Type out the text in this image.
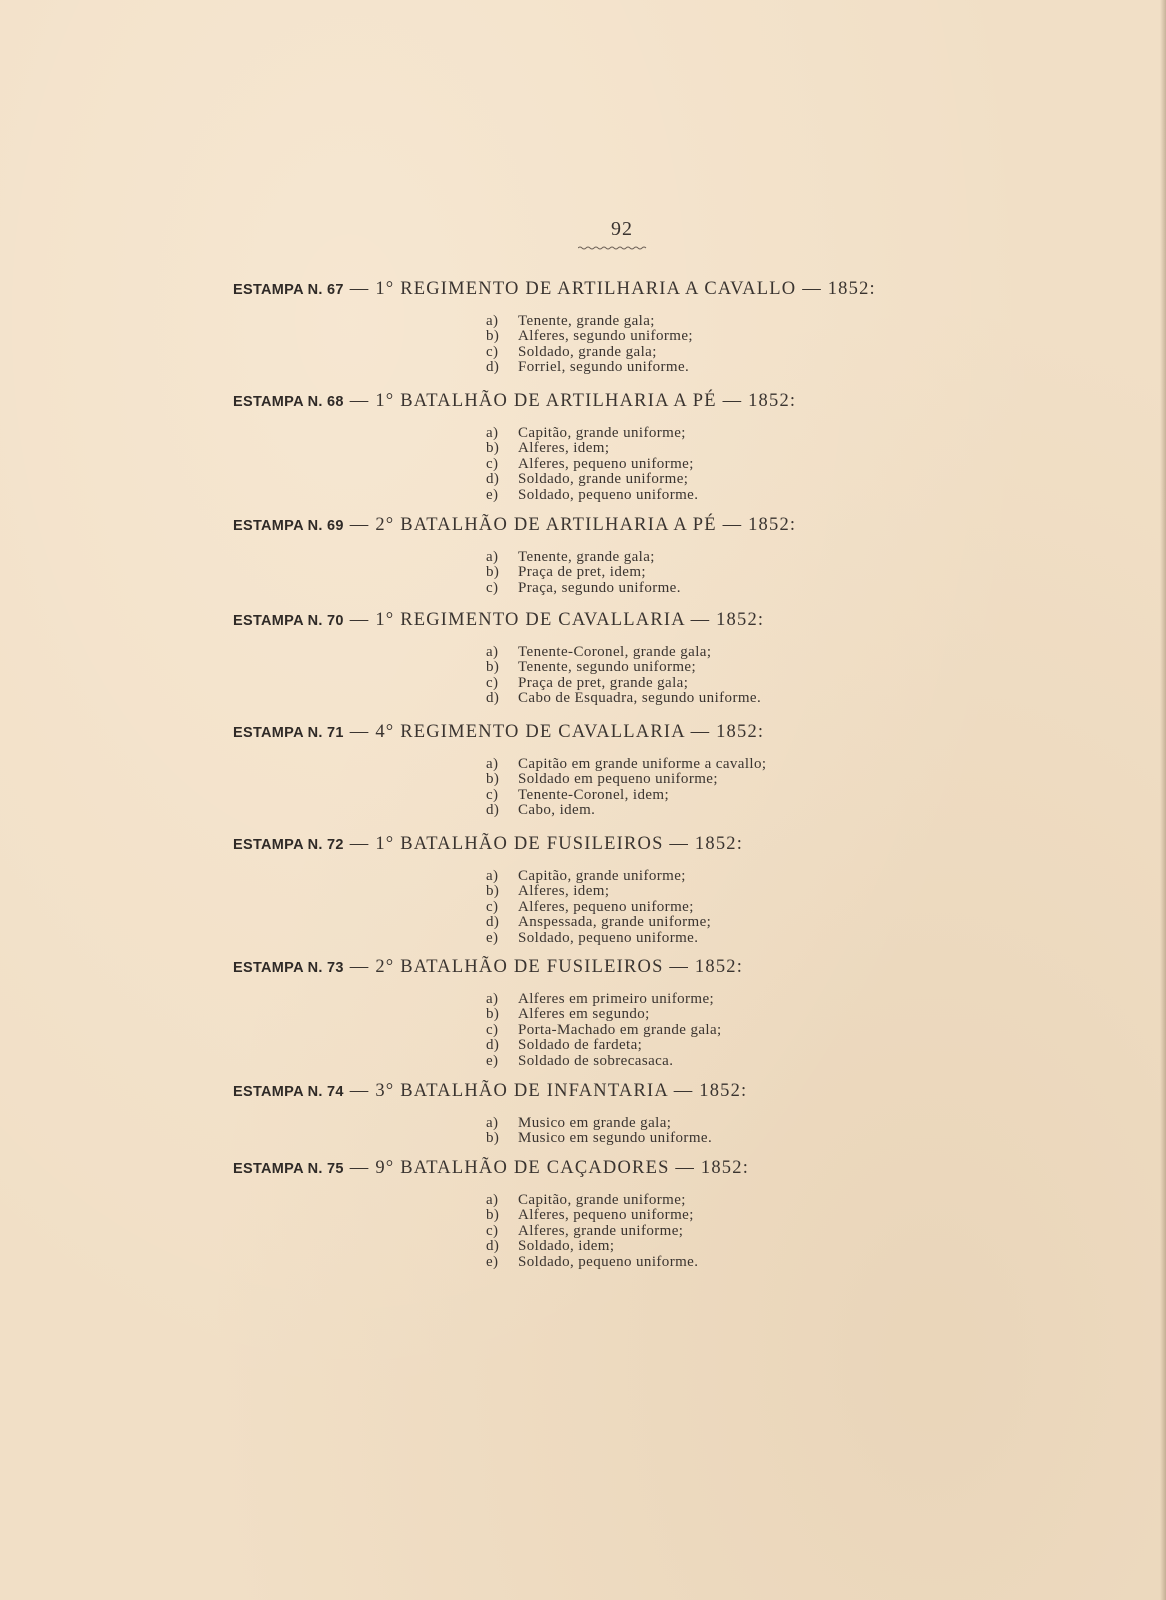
92
ESTAMPA N. 67 — 1° REGIMENTO DE ARTILHARIA A CAVALLO — 1852:
a) Tenente, grande gala;
b) Alferes, segundo uniforme;
c) Soldado, grande gala;
d) Forriel, segundo uniforme.
ESTAMPA N. 68 — 1° BATALHÃO DE ARTILHARIA A PÉ — 1852:
a) Capitão, grande uniforme;
b) Alferes, idem;
c) Alferes, pequeno uniforme;
d) Soldado, grande uniforme;
e) Soldado, pequeno uniforme.
ESTAMPA N. 69 — 2° BATALHÃO DE ARTILHARIA A PÉ — 1852:
a) Tenente, grande gala;
b) Praça de pret, idem;
c) Praça, segundo uniforme.
ESTAMPA N. 70 — 1° REGIMENTO DE CAVALLARIA — 1852:
a) Tenente-Coronel, grande gala;
b) Tenente, segundo uniforme;
c) Praça de pret, grande gala;
d) Cabo de Esquadra, segundo uniforme.
ESTAMPA N. 71 — 4° REGIMENTO DE CAVALLARIA — 1852:
a) Capitão em grande uniforme a cavallo;
b) Soldado em pequeno uniforme;
c) Tenente-Coronel, idem;
d) Cabo, idem.
ESTAMPA N. 72 — 1° BATALHÃO DE FUSILEIROS — 1852:
a) Capitão, grande uniforme;
b) Alferes, idem;
c) Alferes, pequeno uniforme;
d) Anspessada, grande uniforme;
e) Soldado, pequeno uniforme.
ESTAMPA N. 73 — 2° BATALHÃO DE FUSILEIROS — 1852:
a) Alferes em primeiro uniforme;
b) Alferes em segundo;
c) Porta-Machado em grande gala;
d) Soldado de fardeta;
e) Soldado de sobrecasaca.
ESTAMPA N. 74 — 3° BATALHÃO DE INFANTARIA — 1852:
a) Musico em grande gala;
b) Musico em segundo uniforme.
ESTAMPA N. 75 — 9° BATALHÃO DE CAÇADORES — 1852:
a) Capitão, grande uniforme;
b) Alferes, pequeno uniforme;
c) Alferes, grande uniforme;
d) Soldado, idem;
e) Soldado, pequeno uniforme.
